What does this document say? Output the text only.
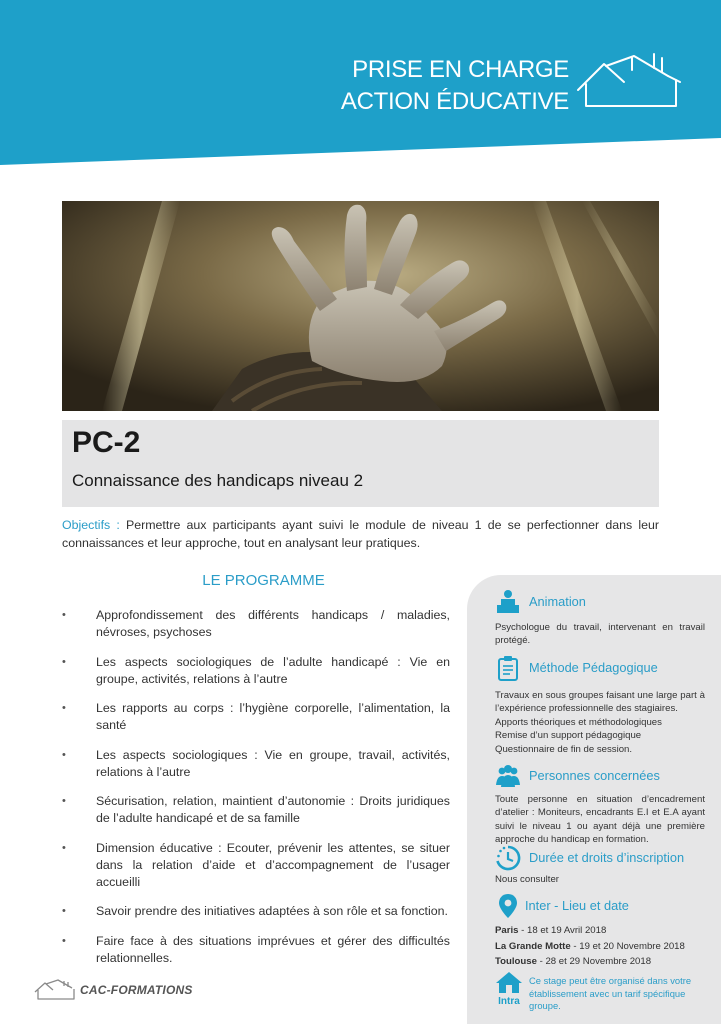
PRISE EN CHARGE
ACTION ÉDUCATIVE
PC-2
Connaissance des handicaps niveau 2
Objectifs : Permettre aux participants ayant suivi le module de niveau 1 de se perfectionner dans leur connaissances et leur approche, tout en analysant leur pratiques.
LE PROGRAMME
• Approfondissement des différents handicaps / maladies, névroses, psychoses
• Les aspects sociologiques de l’adulte handicapé : Vie en groupe, activités, relations à l’autre
• Les rapports au corps : l’hygiène corporelle, l’alimentation, la santé
• Les aspects sociologiques : Vie en groupe, travail, activités, relations à l’autre
• Sécurisation, relation, maintient d’autonomie : Droits juridiques de l’adulte handicapé et de sa famille
• Dimension éducative : Ecouter, prévenir les attentes, se situer dans la relation d’aide et d’accompagnement de l’usager accueilli
• Savoir prendre des initiatives adaptées à son rôle et sa fonction.
• Faire face à des situations imprévues et gérer des difficultés relationnelles.
Animation
Psychologue du travail, intervenant en travail protégé.
Méthode Pédagogique
Travaux en sous groupes faisant une large part à l’expérience professionnelle des stagiaires.
Apports théoriques et méthodologiques
Remise d’un support pédagogique
Questionnaire de fin de session.
Personnes concernées
Toute personne en situation d’encadrement d’atelier : Moniteurs, encadrants E.I et E.A ayant suivi le niveau 1 ou ayant déjà une première approche du handicap en formation.
Durée et droits d’inscription
Nous consulter
Inter - Lieu et date
Paris - 18 et 19 Avril 2018
La Grande Motte - 19 et 20 Novembre 2018
Toulouse - 28 et 29 Novembre 2018
Intra
Ce stage peut être organisé dans votre établissement avec un tarif spécifique groupe.
CAC-FORMATIONS
